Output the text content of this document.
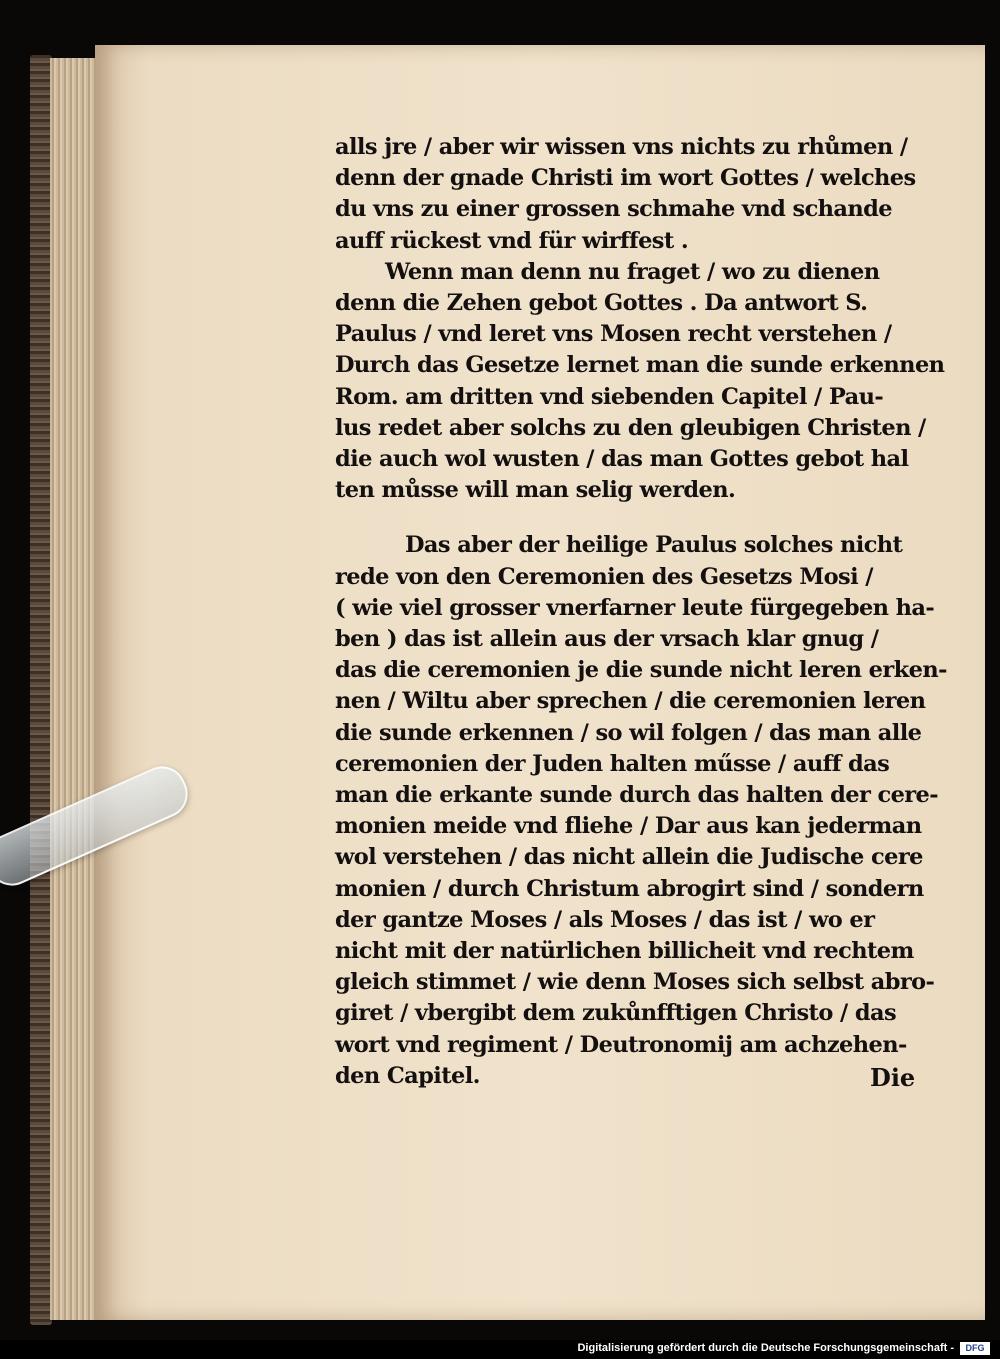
alls jre / aber wir wissen vns nichts zu rhůmen /
denn der gnade Christi im wort Gottes / welches
du vns zu einer grossen schmahe vnd schande
auff rückest vnd für wirffest .
Wenn man denn nu fraget / wo zu dienen
denn die Zehen gebot Gottes . Da antwort S.
Paulus / vnd leret vns Mosen recht verstehen /
Durch das Gesetze lernet man die sunde erkennen
Rom. am dritten vnd siebenden Capitel / Pau-
lus redet aber solchs zu den gleubigen Christen /
die auch wol wusten / das man Gottes gebot hal
ten můsse will man selig werden.
Das aber der heilige Paulus solches nicht
rede von den Ceremonien des Gesetzs Mosi /
( wie viel grosser vnerfarner leute fürgegeben ha-
ben ) das ist allein aus der vrsach klar gnug /
das die ceremonien je die sunde nicht leren erken-
nen / Wiltu aber sprechen / die ceremonien leren
die sunde erkennen / so wil folgen / das man alle
ceremonien der Juden halten műsse / auff das
man die erkante sunde durch das halten der cere-
monien meide vnd fliehe / Dar aus kan jederman
wol verstehen / das nicht allein die Judische cere
monien / durch Christum abrogirt sind / sondern
der gantze Moses / als Moses / das ist / wo er
nicht mit der natürlichen billicheit vnd rechtem
gleich stimmet / wie denn Moses sich selbst abro-
giret / vbergibt dem zukůnfftigen Christo / das
wort vnd regiment / Deutronomij am achzehen-
den Capitel.	Die
Digitalisierung gefördert durch die Deutsche Forschungsgemeinschaft -	DFG
